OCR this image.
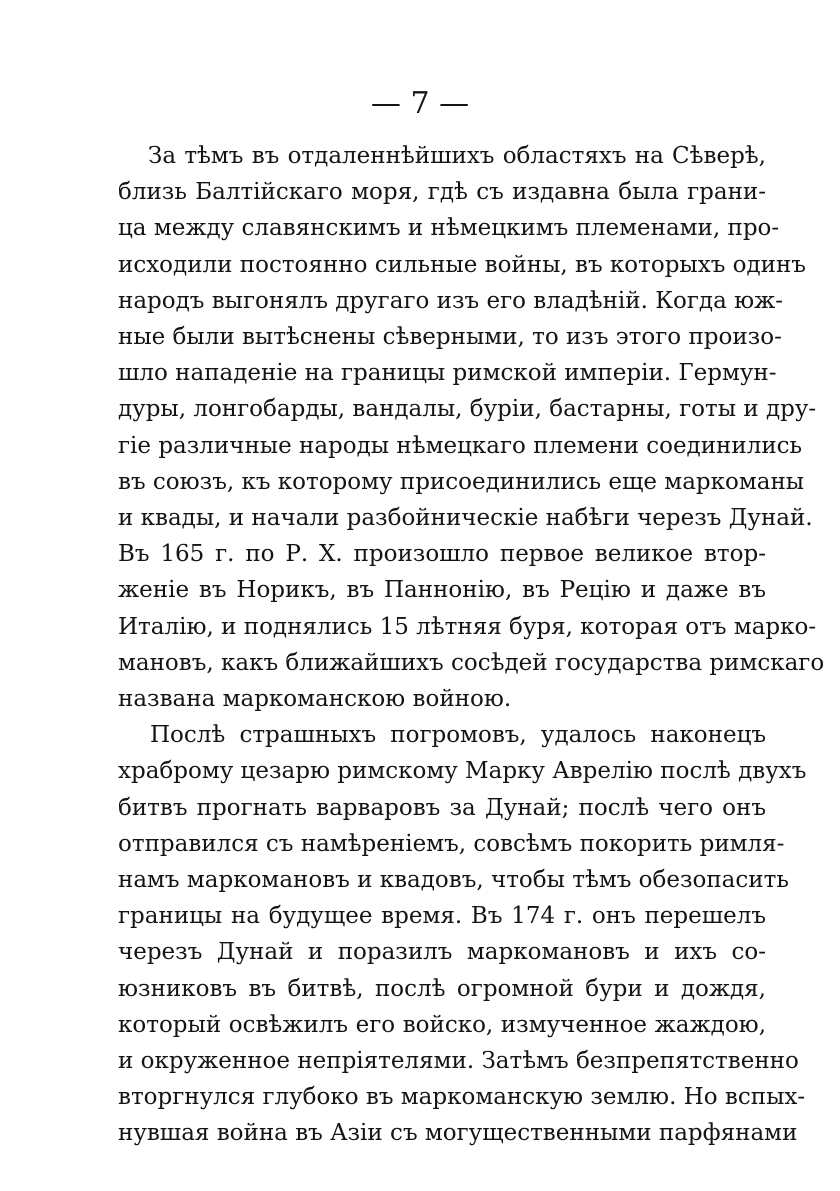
— 7 —
За тѣмъ въ отдаленнѣйшихъ областяхъ на Сѣверѣ,
близь Балтійскаго моря, гдѣ съ издавна была грани-
ца между славянскимъ и нѣмецкимъ племенами, про-
исходили постоянно сильные войны, въ которыхъ одинъ
народъ выгонялъ другаго изъ его владѣній. Когда юж-
ные были вытѣснены сѣверными, то изъ этого произо-
шло нападеніе на границы римской имперіи. Гермун-
дуры, лонгобарды, вандалы, буріи, бастарны, готы и дру-
гіе различные народы нѣмецкаго племени соединились
въ союзъ, къ которому присоединились еще маркоманы
и квады, и начали разбойническіе набѣги черезъ Дунай.
Въ 165 г. по Р. Х. произошло первое великое втор-
женіе въ Норикъ, въ Паннонію, въ Рецію и даже въ
Италію, и поднялись 15 лѣтняя буря, которая отъ марко-
мановъ, какъ ближайшихъ сосѣдей государства римскаго
названа маркоманскою войною.
Послѣ страшныхъ погромовъ, удалось наконецъ
храброму цезарю римскому Марку Аврелію послѣ двухъ
битвъ прогнать варваровъ за Дунай; послѣ чего онъ
отправился съ намѣреніемъ, совсѣмъ покорить римля-
намъ маркомановъ и квадовъ, чтобы тѣмъ обезопасить
границы на будущее время. Въ 174 г. онъ перешелъ
черезъ Дунай и поразилъ маркомановъ и ихъ со-
юзниковъ въ битвѣ, послѣ огромной бури и дождя,
который освѣжилъ его войско, измученное жаждою,
и окруженное непріятелями. Затѣмъ безпрепятственно
вторгнулся глубоко въ маркоманскую землю. Но вспых-
нувшая война въ Азіи съ могущественными парфянами
